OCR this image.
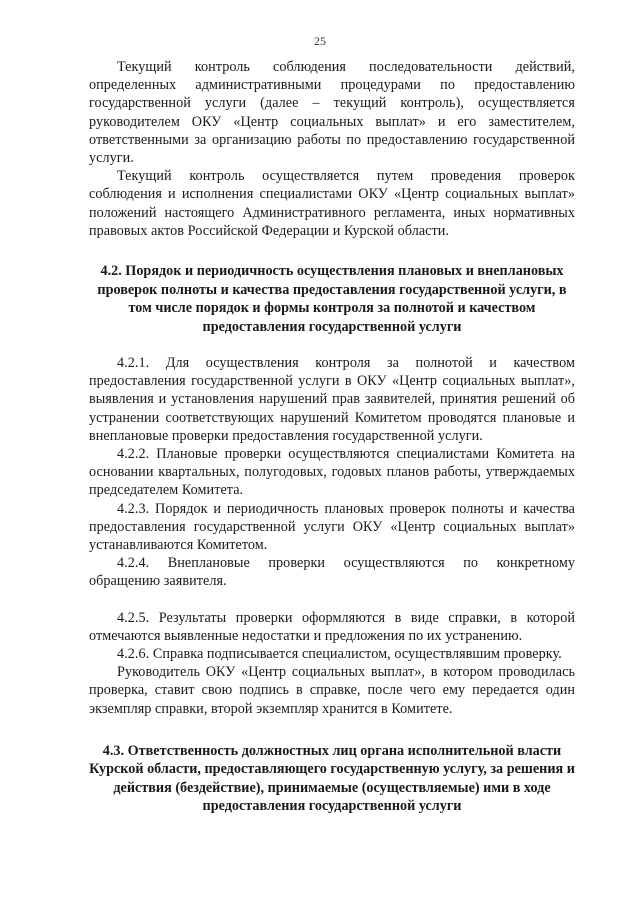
25

Текущий контроль соблюдения последовательности действий, определенных административными процедурами по предоставлению государственной услуги (далее – текущий контроль), осуществляется руководителем ОКУ «Центр социальных выплат» и его заместителем, ответственными за организацию работы по предоставлению государственной услуги.

Текущий контроль осуществляется путем проведения проверок соблюдения и исполнения специалистами ОКУ «Центр социальных выплат» положений настоящего Административного регламента, иных нормативных правовых актов Российской Федерации и Курской области.

4.2. Порядок и периодичность осуществления плановых и внеплановых проверок полноты и качества предоставления государственной услуги, в том числе порядок и формы контроля за полнотой и качеством предоставления государственной услуги

4.2.1. Для осуществления контроля за полнотой и качеством предоставления государственной услуги в ОКУ «Центр социальных выплат», выявления и установления нарушений прав заявителей, принятия решений об устранении соответствующих нарушений Комитетом проводятся плановые и внеплановые проверки предоставления государственной услуги.

4.2.2. Плановые проверки осуществляются специалистами Комитета на основании квартальных, полугодовых, годовых планов работы, утверждаемых председателем Комитета.

4.2.3. Порядок и периодичность плановых проверок полноты и качества предоставления государственной услуги ОКУ «Центр социальных выплат» устанавливаются Комитетом.

4.2.4. Внеплановые проверки осуществляются по конкретному обращению заявителя.

4.2.5. Результаты проверки оформляются в виде справки, в которой отмечаются выявленные недостатки и предложения по их устранению.

4.2.6. Справка подписывается специалистом, осуществлявшим проверку.

Руководитель ОКУ «Центр социальных выплат», в котором проводилась проверка, ставит свою подпись в справке, после чего ему передается один экземпляр справки, второй экземпляр хранится в Комитете.

4.3. Ответственность должностных лиц органа исполнительной власти Курской области, предоставляющего государственную услугу, за решения и действия (бездействие), принимаемые (осуществляемые) ими в ходе предоставления государственной услуги
